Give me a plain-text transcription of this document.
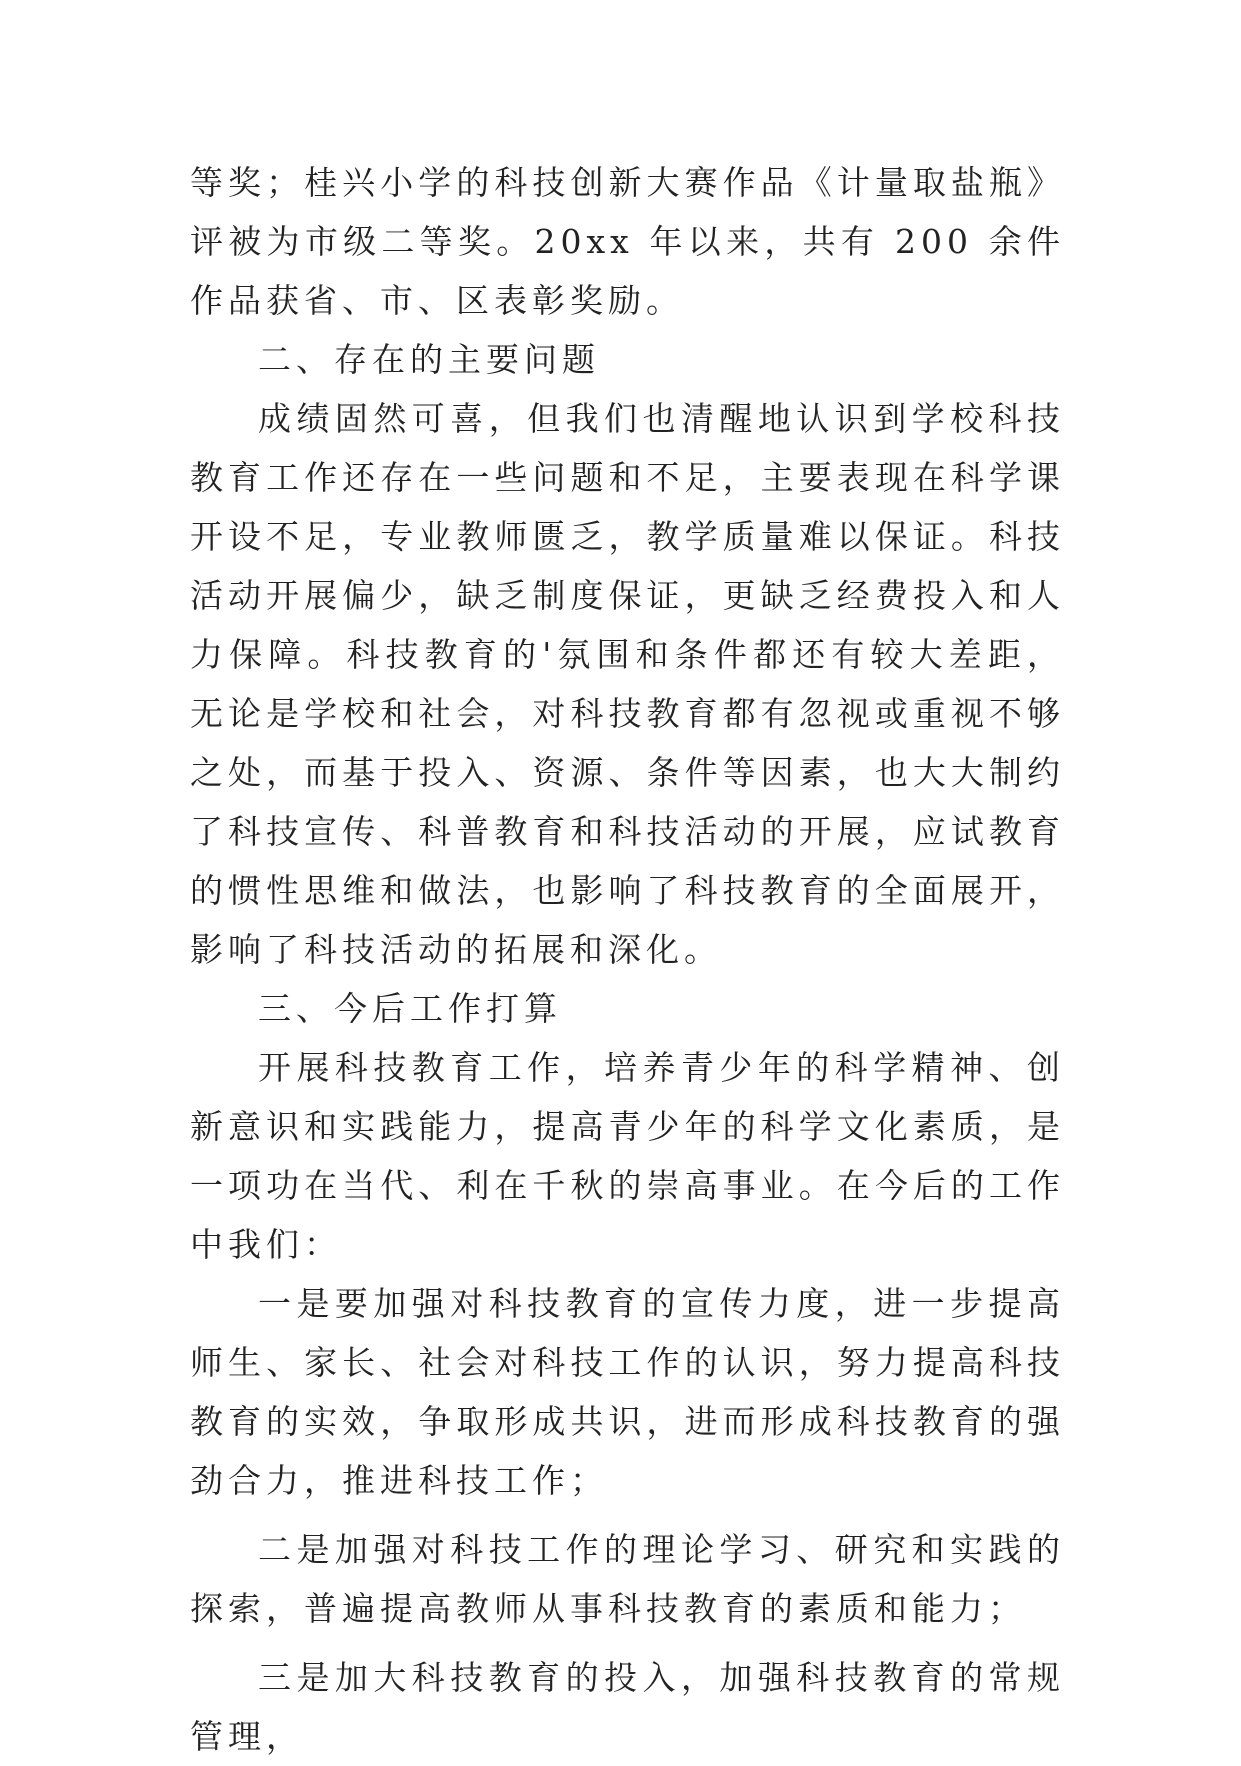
等奖；桂兴小学的科技创新大赛作品《计量取盐瓶》评被为市级二等奖。20xx 年以来，共有 200 余件作品获省、市、区表彰奖励。

二、存在的主要问题

成绩固然可喜，但我们也清醒地认识到学校科技教育工作还存在一些问题和不足，主要表现在科学课开设不足，专业教师匮乏，教学质量难以保证。科技活动开展偏少，缺乏制度保证，更缺乏经费投入和人力保障。科技教育的'氛围和条件都还有较大差距，无论是学校和社会，对科技教育都有忽视或重视不够之处，而基于投入、资源、条件等因素，也大大制约了科技宣传、科普教育和科技活动的开展，应试教育的惯性思维和做法，也影响了科技教育的全面展开，影响了科技活动的拓展和深化。

三、今后工作打算

开展科技教育工作，培养青少年的科学精神、创新意识和实践能力，提高青少年的科学文化素质，是一项功在当代、利在千秋的崇高事业。在今后的工作中我们：

一是要加强对科技教育的宣传力度，进一步提高师生、家长、社会对科技工作的认识，努力提高科技教育的实效，争取形成共识，进而形成科技教育的强劲合力，推进科技工作；

二是加强对科技工作的理论学习、研究和实践的探索，普遍提高教师从事科技教育的素质和能力；

三是加大科技教育的投入，加强科技教育的常规管理，
